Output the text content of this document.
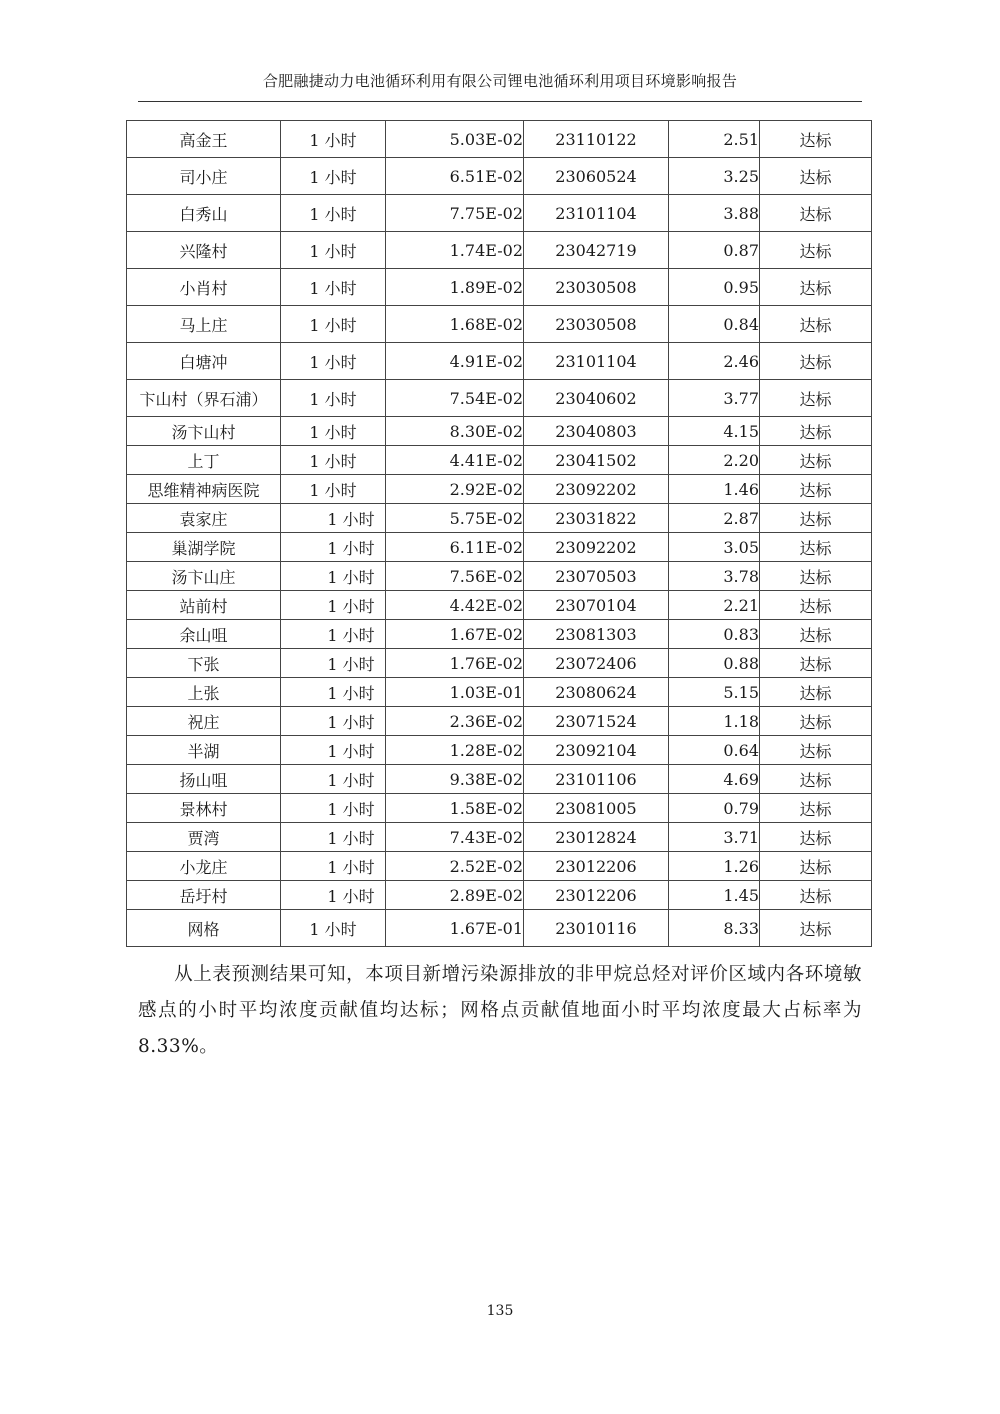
合肥融捷动力电池循环利用有限公司锂电池循环利用项目环境影响报告
高金王	1 小时	5.03E-02	23110122	2.51	达标
司小庄	1 小时	6.51E-02	23060524	3.25	达标
白秀山	1 小时	7.75E-02	23101104	3.88	达标
兴隆村	1 小时	1.74E-02	23042719	0.87	达标
小肖村	1 小时	1.89E-02	23030508	0.95	达标
马上庄	1 小时	1.68E-02	23030508	0.84	达标
白塘冲	1 小时	4.91E-02	23101104	2.46	达标
卞山村（界石浦）	1 小时	7.54E-02	23040602	3.77	达标
汤卞山村	1 小时	8.30E-02	23040803	4.15	达标
上丁	1 小时	4.41E-02	23041502	2.20	达标
思维精神病医院	1 小时	2.92E-02	23092202	1.46	达标
袁家庄	1 小时	5.75E-02	23031822	2.87	达标
巢湖学院	1 小时	6.11E-02	23092202	3.05	达标
汤卞山庄	1 小时	7.56E-02	23070503	3.78	达标
站前村	1 小时	4.42E-02	23070104	2.21	达标
余山咀	1 小时	1.67E-02	23081303	0.83	达标
下张	1 小时	1.76E-02	23072406	0.88	达标
上张	1 小时	1.03E-01	23080624	5.15	达标
祝庄	1 小时	2.36E-02	23071524	1.18	达标
半湖	1 小时	1.28E-02	23092104	0.64	达标
扬山咀	1 小时	9.38E-02	23101106	4.69	达标
景林村	1 小时	1.58E-02	23081005	0.79	达标
贾湾	1 小时	7.43E-02	23012824	3.71	达标
小龙庄	1 小时	2.52E-02	23012206	1.26	达标
岳圩村	1 小时	2.89E-02	23012206	1.45	达标
网格	1 小时	1.67E-01	23010116	8.33	达标
从上表预测结果可知，本项目新增污染源排放的非甲烷总烃对评价区域内各环境敏感点的小时平均浓度贡献值均达标；网格点贡献值地面小时平均浓度最大占标率为 8.33%。
135
